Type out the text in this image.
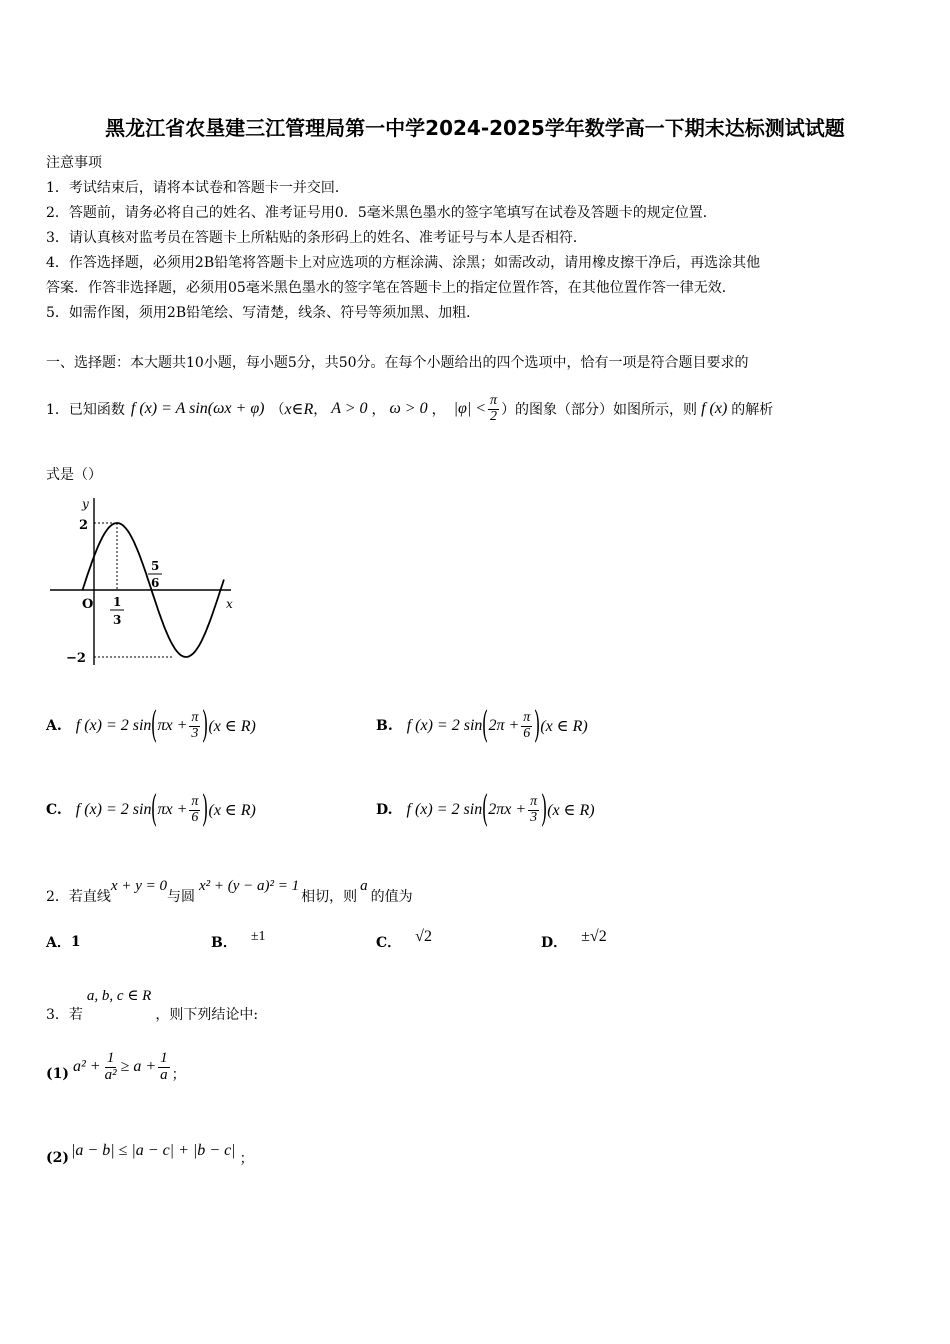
黑龙江省农垦建三江管理局第一中学2024-2025学年数学高一下期末达标测试试题
注意事项
1．考试结束后，请将本试卷和答题卡一并交回．
2．答题前，请务必将自己的姓名、准考证号用0．5毫米黑色墨水的签字笔填写在试卷及答题卡的规定位置．
3．请认真核对监考员在答题卡上所粘贴的条形码上的姓名、准考证号与本人是否相符．
4．作答选择题，必须用2B铅笔将答题卡上对应选项的方框涂满、涂黑；如需改动，请用橡皮擦干净后，再选涂其他
答案．作答非选择题，必须用05毫米黑色墨水的签字笔在答题卡上的指定位置作答，在其他位置作答一律无效．
5．如需作图，须用2B铅笔绘、写清楚，线条、符号等须加黑、加粗．
一、选择题：本大题共10小题，每小题5分，共50分。在每个小题给出的四个选项中，恰有一项是符合题目要求的
1． 已知函数 f (x) = A sin(ωx + φ) （ x∈R ， A > 0 ， ω > 0 ， $|\varphi| < \frac{\pi}{2}$ ）的图象（部分）如图所示，则 f (x) 的解析
式是（）
y
x
O
2
−2
1
3
5
6
A. f (x) = 2 sin ( $\pi x + \frac{\pi}{3}$ ) (x ∈ R)	B. f (x) = 2 sin ( $2\pi + \frac{\pi}{6}$ ) (x ∈ R)
C. f (x) = 2 sin ( $\pi x + \frac{\pi}{6}$ ) (x ∈ R)	D. f (x) = 2 sin ( $2\pi x + \frac{\pi}{3}$ ) (x ∈ R)
2． 若直线
x + y = 0
与圆
x² + (y − a)² = 1
相切，则
a
的值为
A． 1	B． ±1	C． √2	D． ±√2
3． 若
a, b, c ∈ R
，则下列结论中:
(1) $a^2 + \frac{1}{\text{a²}} \ge a + \frac{1}{a}$ ；
(2) |a − b| ≤ |a − c| + |b − c| ；
